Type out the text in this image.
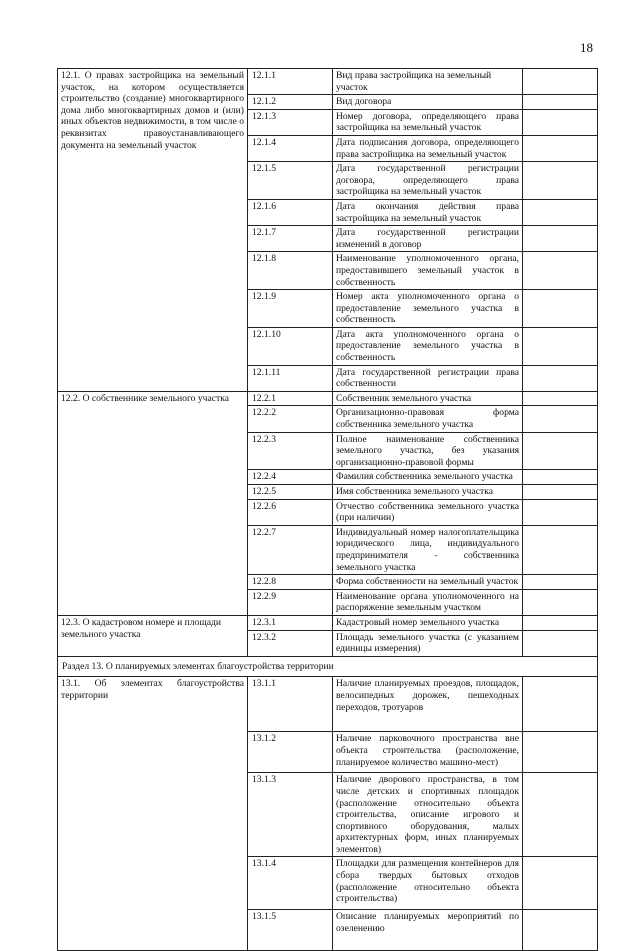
18
12.1. О правах застройщика на земельный участок, на котором осуществляется строительство (создание) многоквартирного дома либо многоквартирных домов и (или) иных объектов недвижимости, в том числе о реквизитах правоустанавливающего документа на земельный участок	12.1.1	Вид права застройщика на земельный участок	
	12.1.2	Вид договора	
	12.1.3	Номер договора, определяющего права застройщика на земельный участок	
	12.1.4	Дата подписания договора, определяющего права застройщика на земельный участок	
	12.1.5	Дата государственной регистрации договора, определяющего права застройщика на земельный участок	
	12.1.6	Дата окончания действия права застройщика на земельный участок	
	12.1.7	Дата государственной регистрации изменений в договор	
	12.1.8	Наименование уполномоченного органа, предоставившего земельный участок в собственность	
	12.1.9	Номер акта уполномоченного органа о предоставление земельного участка в собственность	
	12.1.10	Дата акта уполномоченного органа о предоставление земельного участка в собственность	
	12.1.11	Дата государственной регистрации права собственности	
12.2. О собственнике земельного участка	12.2.1	Собственник земельного участка	
	12.2.2	Организационно-правовая форма собственника земельного участка	
	12.2.3	Полное наименование собственника земельного участка, без указания организационно-правовой формы	
	12.2.4	Фамилия собственника земельного участка	
	12.2.5	Имя собственника земельного участка	
	12.2.6	Отчество собственника земельного участка (при наличии)	
	12.2.7	Индивидуальный номер налогоплательщика юридического лица, индивидуального предпринимателя - собственника земельного участка	
	12.2.8	Форма собственности на земельный участок	
	12.2.9	Наименование органа уполномоченного на распоряжение земельным участком	
12.3. О кадастровом номере и площади земельного участка	12.3.1	Кадастровый номер земельного участка	
	12.3.2	Площадь земельного участка (с указанием единицы измерения)	
Раздел 13. О планируемых элементах благоустройства территории			
13.1. Об элементах благоустройства территории	13.1.1	Наличие планируемых проездов, площадок, велосипедных дорожек, пешеходных переходов, тротуаров	
	13.1.2	Наличие парковочного пространства вне объекта строительства (расположение, планируемое количество машино-мест)	
	13.1.3	Наличие дворового пространства, в том числе детских и спортивных площадок (расположение относительно объекта строительства, описание игрового и спортивного оборудования, малых архитектурных форм, иных планируемых элементов)	
	13.1.4	Площадки для размещения контейнеров для сбора твердых бытовых отходов (расположение относительно объекта строительства)	
	13.1.5	Описание планируемых мероприятий по озеленению	
